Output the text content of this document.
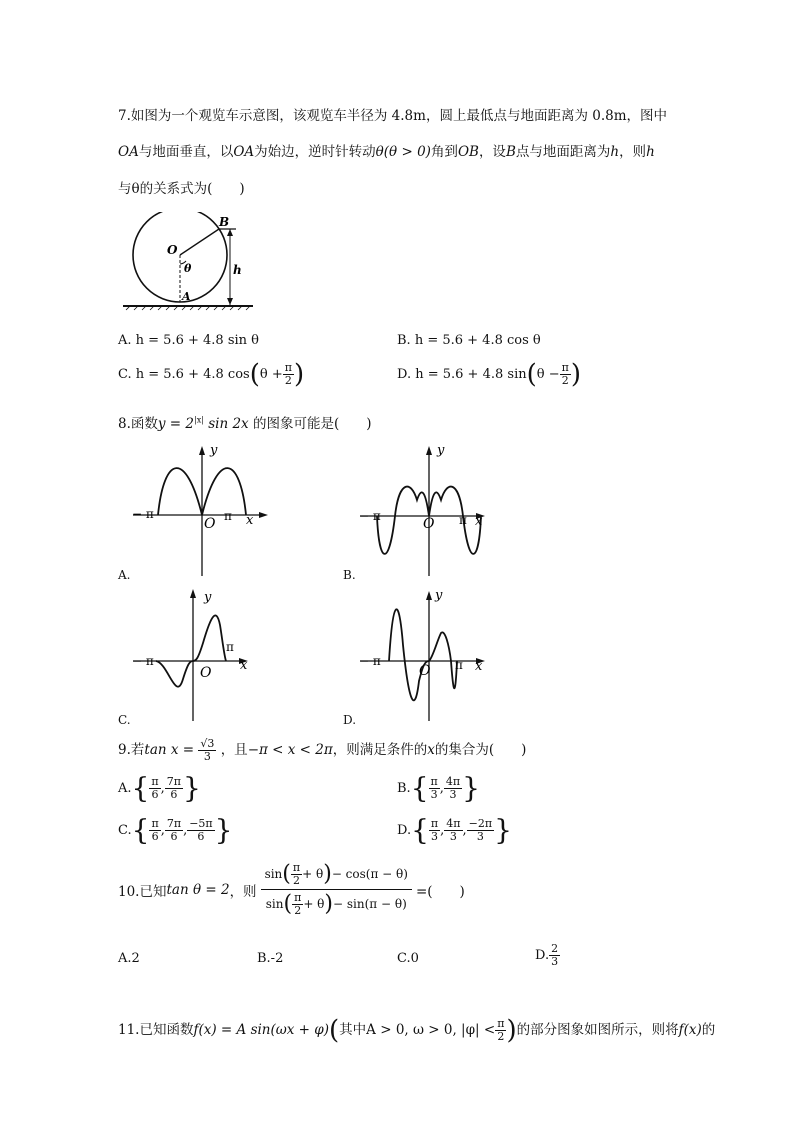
7.如图为一个观览车示意图，该观览车半径为 4.8m，圆上最低点与地面距离为 0.8m，图中
OA与地面垂直，以OA为始边，逆时针转动θ(θ > 0)角到OB，设B点与地面距离为h，则h
与θ的关系式为(　　)
B
O
θ	h
A
A. h = 5.6 + 4.8 sin θ	B. h = 5.6 + 4.8 cos θ
C. h = 5.6 + 4.8 $\cos(\theta + \frac{\pi}{2}$ )	D. h = 5.6 + 4.8 $\sin(\theta - \frac{\pi}{2}$ )
8.函数$y = 2^{|x|}$ sin 2x 的图象可能是(　　)
y
x
O
− π	π
A.
y
x
O
− π	π
B.
y
x
O
− π
π
C.
y
x
O
− π	π
D.
9.若$\tan x = \frac{√3}{3}$ ，且−π < x < 2π，则满足条件的x的集合为(　　)
$A.\{ \frac{\pi}{6}$ , $\frac{7\pi}{6}$ }	$B.\{ \frac{\pi}{3}$ , $\frac{4\pi}{3}$ }
$C.\{ \frac{\pi}{6}$ , $\frac{7\pi}{6}$ , $\frac{-5\pi}{6}$ }	$D.\{ \frac{\pi}{3}$ , $\frac{4\pi}{3}$ , $\frac{-2\pi}{3}$ }
10.已知 tan θ = 2 ，则 $\frac{\sin( \frac{\pi}{2} + \theta)- \cos(\pi - \theta)}{\sin( \frac{\pi}{2} + \theta)- \sin(\pi - \theta)}$ =(　　)
A.2	B.-2	C.0	D. $\frac{2}{3}$
11.已知函数f(x) = A sin(ωx + φ)(其中A > 0, ω > 0, $|\varphi| < \frac{\pi}{2}$ )的部分图象如图所示，则将f(x)的
